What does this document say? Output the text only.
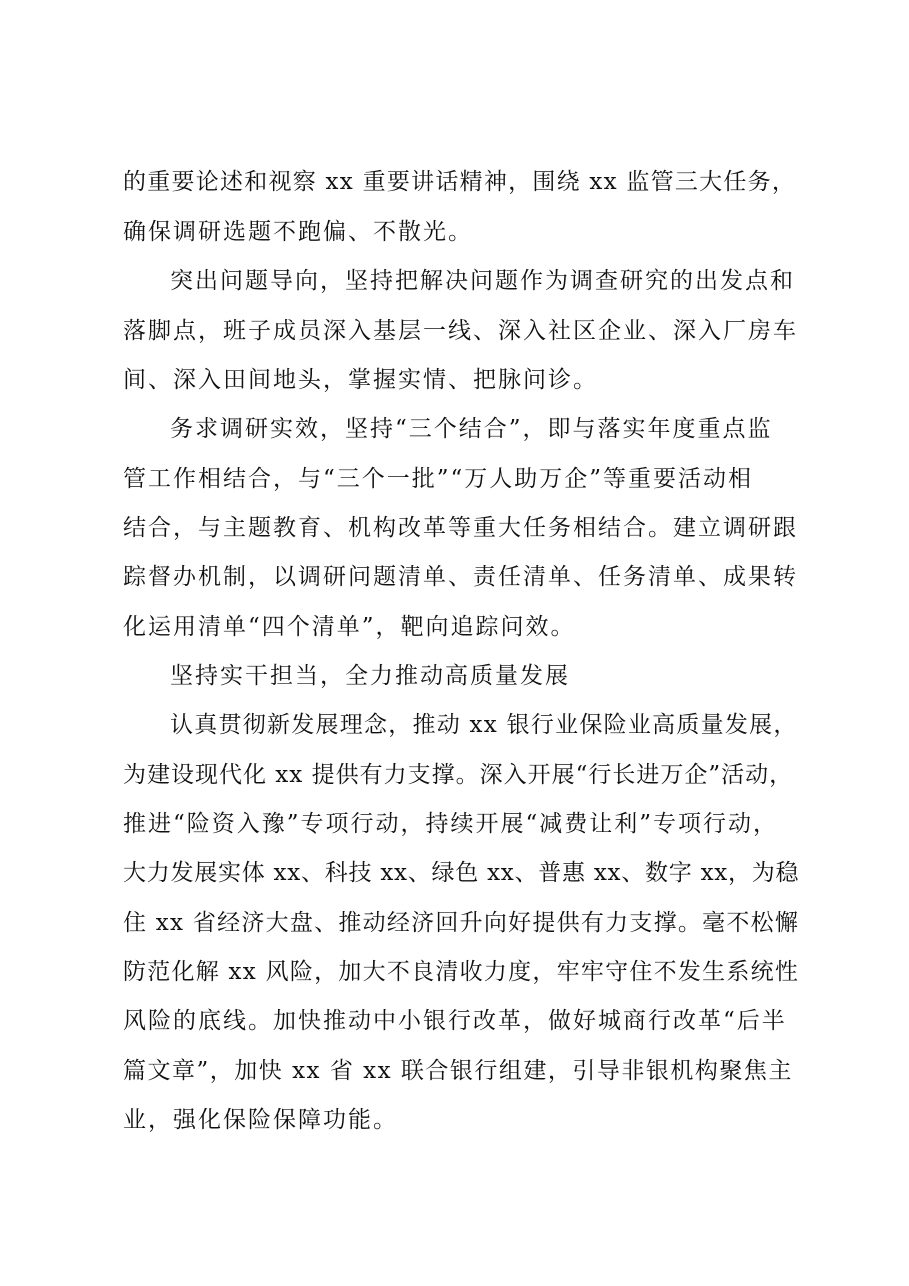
的重要论述和视察 xx 重要讲话精神，围绕 xx 监管三大任务，
确保调研选题不跑偏、不散光。
突出问题导向，坚持把解决问题作为调查研究的出发点和
落脚点，班子成员深入基层一线、深入社区企业、深入厂房车
间、深入田间地头，掌握实情、把脉问诊。
务求调研实效，坚持“三个结合”，即与落实年度重点监
管工作相结合，与“三个一批”“万人助万企”等重要活动相
结合，与主题教育、机构改革等重大任务相结合。建立调研跟
踪督办机制，以调研问题清单、责任清单、任务清单、成果转
化运用清单“四个清单”，靶向追踪问效。
坚持实干担当，全力推动高质量发展
认真贯彻新发展理念，推动 xx 银行业保险业高质量发展，
为建设现代化 xx 提供有力支撑。深入开展“行长进万企”活动，
推进“险资入豫”专项行动，持续开展“减费让利”专项行动，
大力发展实体 xx、科技 xx、绿色 xx、普惠 xx、数字 xx，为稳
住 xx 省经济大盘、推动经济回升向好提供有力支撑。毫不松懈
防范化解 xx 风险，加大不良清收力度，牢牢守住不发生系统性
风险的底线。加快推动中小银行改革，做好城商行改革“后半
篇文章”，加快 xx 省 xx 联合银行组建，引导非银机构聚焦主
业，强化保险保障功能。
